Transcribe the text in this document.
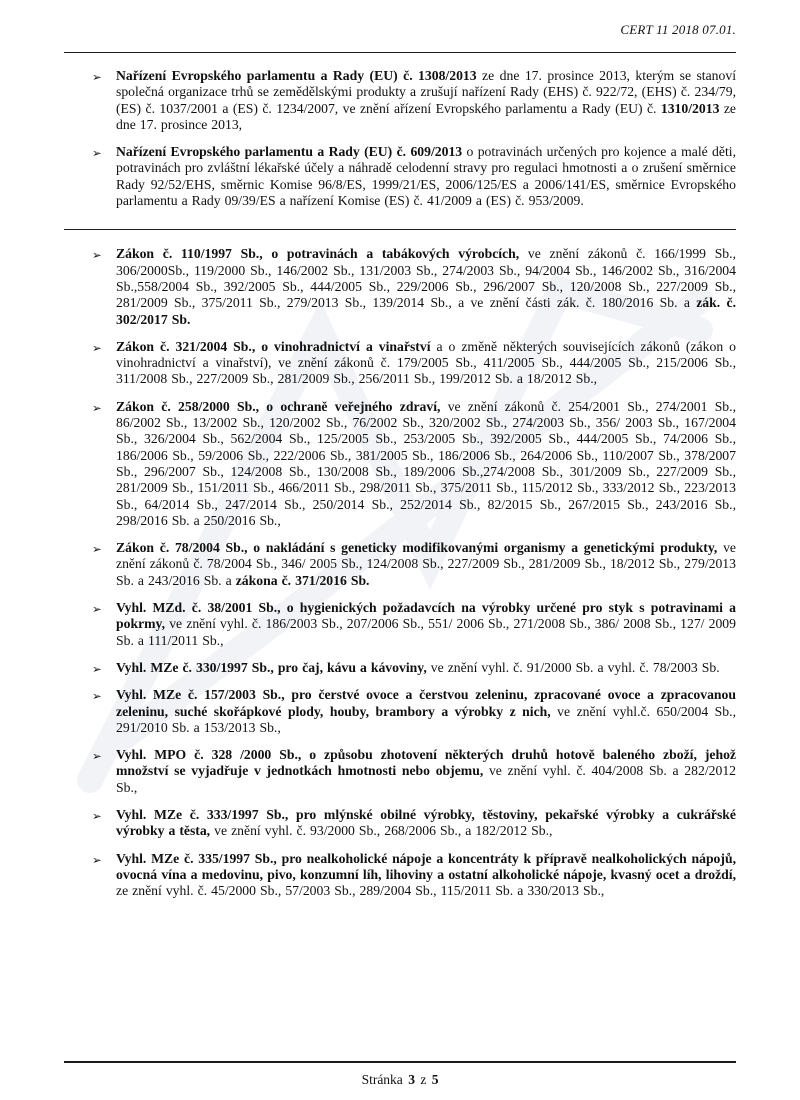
CERT 11 2018 07.01.
➢	Nařízení Evropského parlamentu a Rady (EU) č. 1308/2013 ze dne 17. prosince 2013, kterým se stanoví společná organizace trhů se zemědělskými produkty a zrušují nařízení Rady (EHS) č. 922/72, (EHS) č. 234/79, (ES) č. 1037/2001 a (ES) č. 1234/2007, ve znění ařízení Evropského parlamentu a Rady (EU) č. 1310/2013 ze dne 17. prosince 2013,
➢	Nařízení Evropského parlamentu a Rady (EU) č. 609/2013 o potravinách určených pro kojence a malé děti, potravinách pro zvláštní lékařské účely a náhradě celodenní stravy pro regulaci hmotnosti a o zrušení směrnice Rady 92/52/EHS, směrnic Komise 96/8/ES, 1999/21/ES, 2006/125/ES a 2006/141/ES, směrnice Evropského parlamentu a Rady 09/39/ES a nařízení Komise (ES) č. 41/2009 a (ES) č. 953/2009.
➢	Zákon č. 110/1997 Sb., o potravinách a tabákových výrobcích, ve znění zákonů č. 166/1999 Sb., 306/2000Sb., 119/2000 Sb., 146/2002 Sb., 131/2003 Sb., 274/2003 Sb., 94/2004 Sb., 146/2002 Sb., 316/2004 Sb.,558/2004 Sb., 392/2005 Sb., 444/2005 Sb., 229/2006 Sb., 296/2007 Sb., 120/2008 Sb., 227/2009 Sb., 281/2009 Sb., 375/2011 Sb., 279/2013 Sb., 139/2014 Sb., a ve znění části zák. č. 180/2016 Sb. a zák. č. 302/2017 Sb.
➢	Zákon č. 321/2004 Sb., o vinohradnictví a vinařství a o změně některých souvisejících zákonů (zákon o vinohradnictví a vinařství), ve znění zákonů č. 179/2005 Sb., 411/2005 Sb., 444/2005 Sb., 215/2006 Sb., 311/2008 Sb., 227/2009 Sb., 281/2009 Sb., 256/2011 Sb., 199/2012 Sb. a 18/2012 Sb.,
➢	Zákon č. 258/2000 Sb., o ochraně veřejného zdraví, ve znění zákonů č. 254/2001 Sb., 274/2001 Sb., 86/2002 Sb., 13/2002 Sb., 120/2002 Sb., 76/2002 Sb., 320/2002 Sb., 274/2003 Sb., 356/ 2003 Sb., 167/2004 Sb., 326/2004 Sb., 562/2004 Sb., 125/2005 Sb., 253/2005 Sb., 392/2005 Sb., 444/2005 Sb., 74/2006 Sb., 186/2006 Sb., 59/2006 Sb., 222/2006 Sb., 381/2005 Sb., 186/2006 Sb., 264/2006 Sb., 110/2007 Sb., 378/2007 Sb., 296/2007 Sb., 124/2008 Sb., 130/2008 Sb., 189/2006 Sb.,274/2008 Sb., 301/2009 Sb., 227/2009 Sb., 281/2009 Sb., 151/2011 Sb., 466/2011 Sb., 298/2011 Sb., 375/2011 Sb., 115/2012 Sb., 333/2012 Sb., 223/2013 Sb., 64/2014 Sb., 247/2014 Sb., 250/2014 Sb., 252/2014 Sb., 82/2015 Sb., 267/2015 Sb., 243/2016 Sb., 298/2016 Sb. a 250/2016 Sb.,
➢	Zákon č. 78/2004 Sb., o nakládání s geneticky modifikovanými organismy a genetickými produkty, ve znění zákonů č. 78/2004 Sb., 346/ 2005 Sb., 124/2008 Sb., 227/2009 Sb., 281/2009 Sb., 18/2012 Sb., 279/2013 Sb. a 243/2016 Sb. a zákona č. 371/2016 Sb.
➢	Vyhl. MZd. č. 38/2001 Sb., o hygienických požadavcích na výrobky určené pro styk s potravinami a pokrmy, ve znění vyhl. č. 186/2003 Sb., 207/2006 Sb., 551/ 2006 Sb., 271/2008 Sb., 386/ 2008 Sb., 127/ 2009 Sb. a 111/2011 Sb.,
➢	Vyhl. MZe č. 330/1997 Sb., pro čaj, kávu a kávoviny, ve znění vyhl. č. 91/2000 Sb. a vyhl. č. 78/2003 Sb.
➢	Vyhl. MZe č. 157/2003 Sb., pro čerstvé ovoce a čerstvou zeleninu, zpracované ovoce a zpracovanou zeleninu, suché skořápkové plody, houby, brambory a výrobky z nich, ve znění vyhl.č. 650/2004 Sb., 291/2010 Sb. a 153/2013 Sb.,
➢	Vyhl. MPO č. 328 /2000 Sb., o způsobu zhotovení některých druhů hotově baleného zboží, jehož množství se vyjadřuje v jednotkách hmotnosti nebo objemu, ve znění vyhl. č. 404/2008 Sb. a 282/2012 Sb.,
➢	Vyhl. MZe č. 333/1997 Sb., pro mlýnské obilné výrobky, těstoviny, pekařské výrobky a cukrářské výrobky a těsta, ve znění vyhl. č. 93/2000 Sb., 268/2006 Sb., a 182/2012 Sb.,
➢	Vyhl. MZe č. 335/1997 Sb., pro nealkoholické nápoje a koncentráty k přípravě nealkoholických nápojů, ovocná vína a medovinu, pivo, konzumní líh, lihoviny a ostatní alkoholické nápoje, kvasný ocet a droždí, ze znění vyhl. č. 45/2000 Sb., 57/2003 Sb., 289/2004 Sb., 115/2011 Sb. a 330/2013 Sb.,
Stránka 3 z 5
